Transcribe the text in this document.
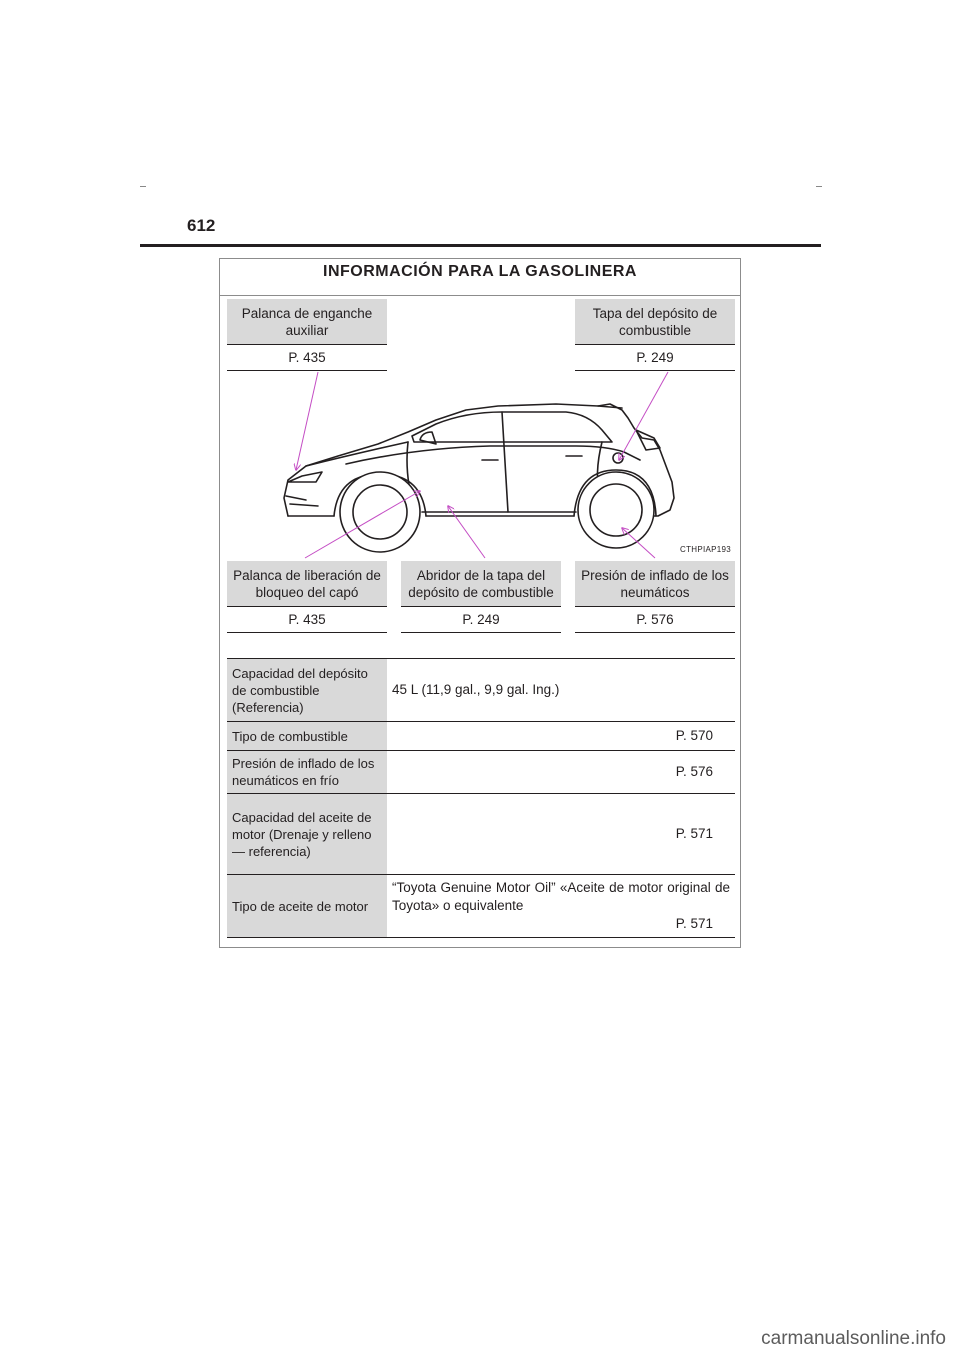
612
INFORMACIÓN PARA LA GASOLINERA
Palanca de enganche auxiliar
P. 435
Tapa del depósito de combustible
P. 249
CTHPIAP193
Palanca de liberación de bloqueo del capó
P. 435
Abridor de la tapa del depósito de combustible
P. 249
Presión de inflado de los neumáticos
P. 576
Capacidad del depósito de combustible (Referencia)
45 L (11,9 gal., 9,9 gal. Ing.)
Tipo de combustible	P. 570
Presión de inflado de los neumáticos en frío
P. 576
Capacidad del aceite de motor (Drenaje y relleno — referencia)
P. 571
Tipo de aceite de motor
“Toyota Genuine Motor Oil” «Aceite de motor original de Toyota» o equivalente
P. 571
carmanualsonline.info
